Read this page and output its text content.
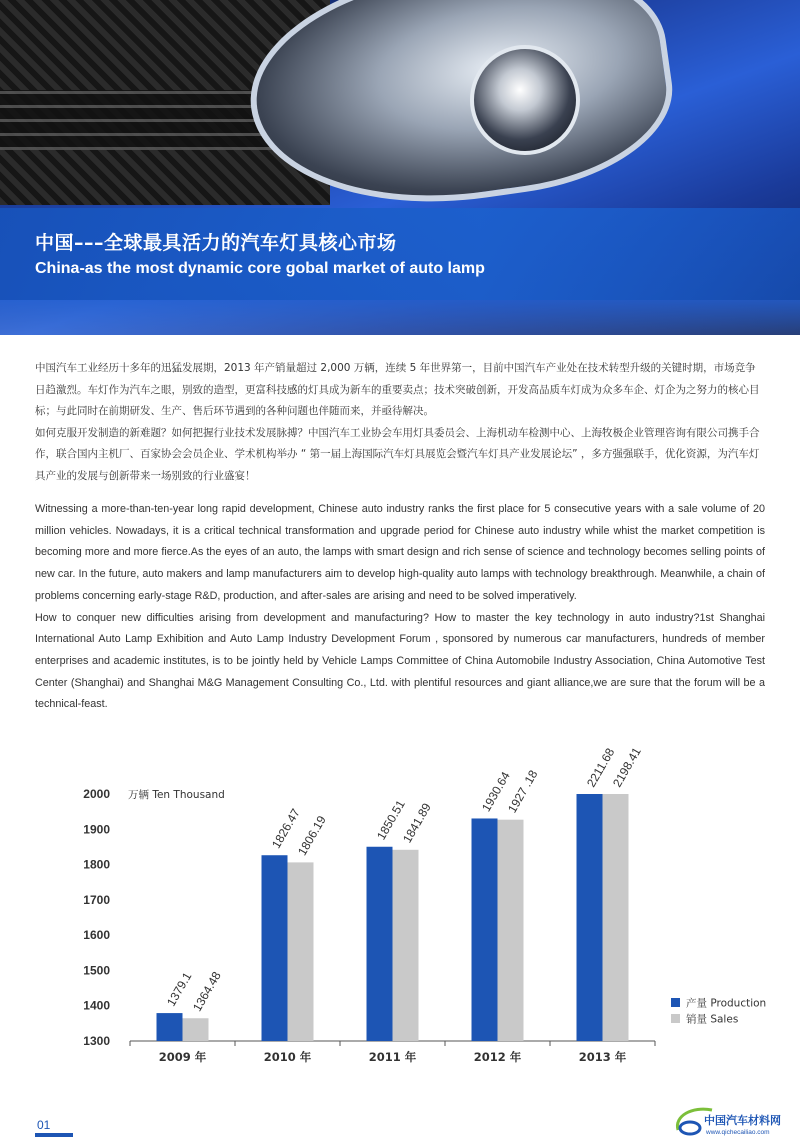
中国–––全球最具活力的汽车灯具核心市场
China-as the most dynamic core gobal market of auto lamp

中国汽车工业经历十多年的迅猛发展期，2013 年产销量超过 2,000 万辆，连续 5 年世界第一，目前中国汽车产业处在技术转型升级的关键时期，市场竞争日趋激烈。车灯作为汽车之眼，别致的造型，更富科技感的灯具成为新车的重要卖点；技术突破创新，开发高品质车灯成为众多车企、灯企为之努力的核心目标；与此同时在前期研发、生产、售后环节遇到的各种问题也伴随而来，并亟待解决。

如何克服开发制造的新难题？如何把握行业技术发展脉搏？中国汽车工业协会车用灯具委员会、上海机动车检测中心、上海牧极企业管理咨询有限公司携手合作，联合国内主机厂、百家协会会员企业、学术机构举办 “ 第一届上海国际汽车灯具展览会暨汽车灯具产业发展论坛” ，多方强强联手，优化资源，为汽车灯具产业的发展与创新带来一场别致的行业盛宴！

Witnessing a more-than-ten-year long rapid development, Chinese auto industry ranks the first place for 5 consecutive years with a sale volume of 20 million vehicles. Nowadays, it is a critical technical transformation and upgrade period for Chinese auto industry while whist the market competition is becoming more and more fierce.As the eyes of an auto, the lamps with smart design and rich sense of science and technology becomes selling points of new car. In the future, auto makers and lamp manufacturers aim to develop high-quality auto lamps with technology breakthrough. Meanwhile, a chain of problems concerning early-stage R&D, production, and after-sales are arising and need to be solved imperatively.

How to conquer new difficulties arising from development and manufacturing? How to master the key technology in auto industry?1st Shanghai International Auto Lamp Exhibition and Auto Lamp Industry Development Forum , sponsored by numerous car manufacturers, hundreds of member enterprises and academic institutes, is to be jointly held by Vehicle Lamps Committee of China Automobile Industry Association, China Automotive Test Center (Shanghai) and Shanghai M&G Management Consulting Co., Ltd. with plentiful resources and giant alliance,we are sure that the forum will be a technical-feast.

1300
1400
1500
1600
1700
1800
1900
2000 万辆 Ten Thousand
1379.1
1364.48
2009 年
1826.47
1806.19
2010 年
1850.51
1841.89
2011 年
1930.64
1927 .18
2012 年
2211.68
2198.41
2013 年
产量 Production
销量 Sales
01	中国汽车材料网
www.qichecailiao.com
